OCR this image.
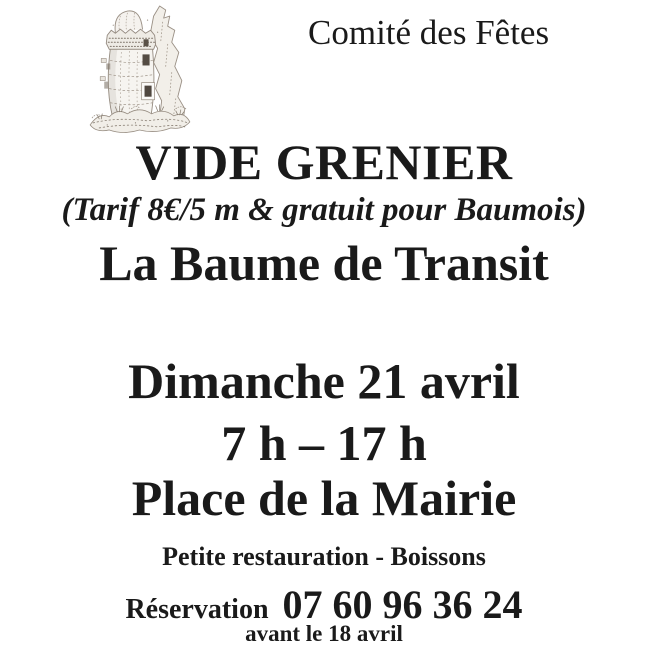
Comité des Fêtes
VIDE GRENIER
(Tarif 8€/5 m & gratuit pour Baumois)
La Baume de Transit
Dimanche 21 avril
7 h – 17 h
Place de la Mairie
Petite restauration - Boissons
Réservation 07 60 96 36 24
avant le 18 avril
